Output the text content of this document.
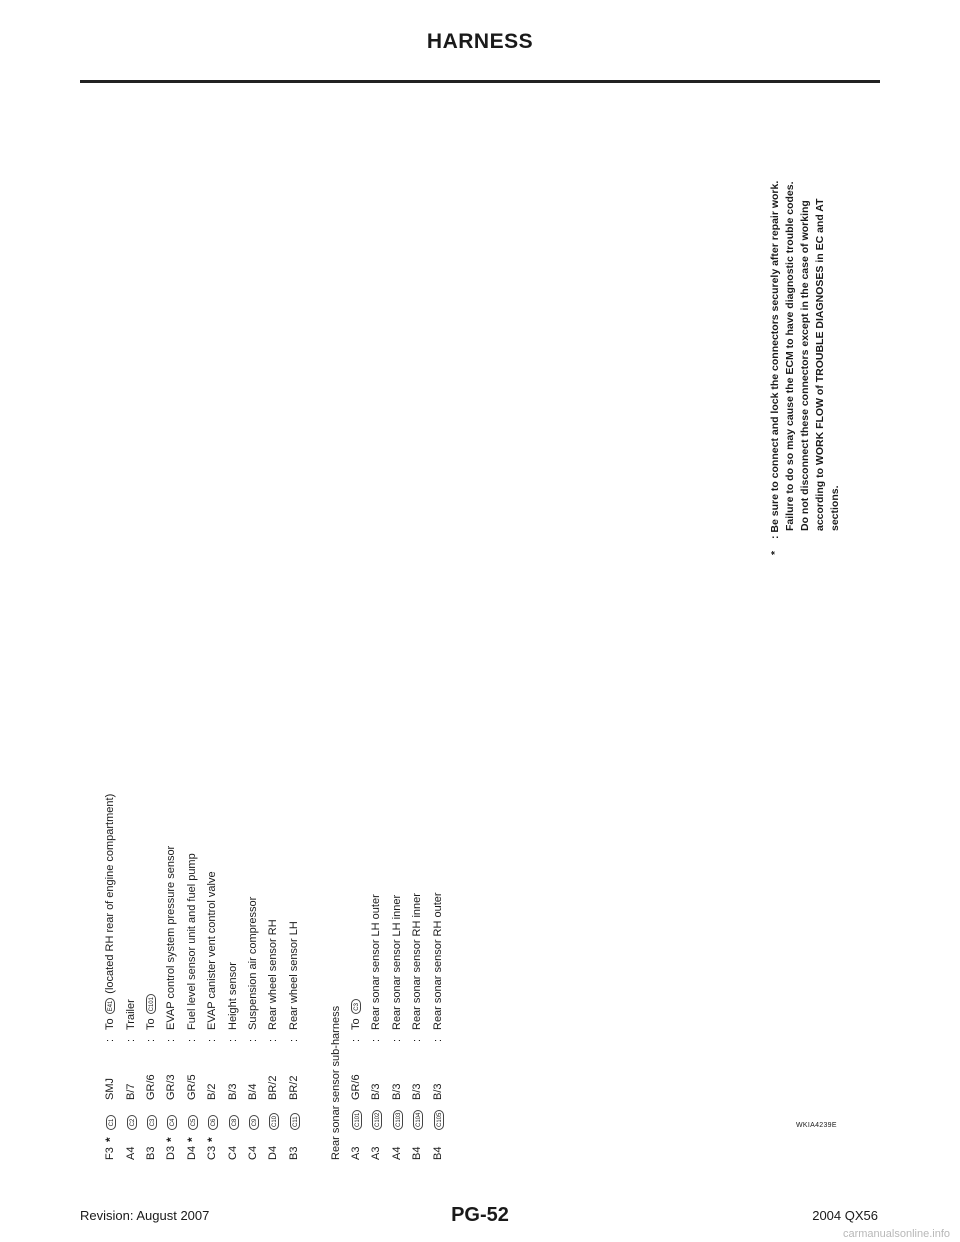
HARNESS
F3
*
C1
SMJ
:
To
E41
(located RH rear of engine compartment)
A4
C2
B/7
:
Trailer
B3
C3
GR/6
:
To
C101
D3
*
C4
GR/3
:
EVAP control system pressure sensor
D4
*
C5
GR/5
:
Fuel level sensor unit and fuel pump
C3
*
C6
B/2
:
EVAP canister vent control valve
C4
C8
B/3
:
Height sensor
C4
C9
B/4
:
Suspension air compressor
D4
C10
BR/2
:
Rear wheel sensor RH
B3
C11
BR/2
:
Rear wheel sensor LH
Rear sonar sensor sub-harness A3
C101
GR/6
:
To
C3
A3
C102
B/3
:
Rear sonar sensor LH outer
A4
C103
B/3
:
Rear sonar sensor LH inner
B4
C104
B/3
:
Rear sonar sensor RH inner
B4
C105
B/3
:
Rear sonar sensor RH outer
*
: Be sure to connect and lock the connectors securely after repair work. Failure to do so may cause the ECM to have diagnostic trouble codes. Do not disconnect these connectors except in the case of working according to WORK FLOW of TROUBLE DIAGNOSES in EC and AT sections.
WKIA4239E
Revision: August 2007	PG-52	2004 QX56
carmanualsonline.info
